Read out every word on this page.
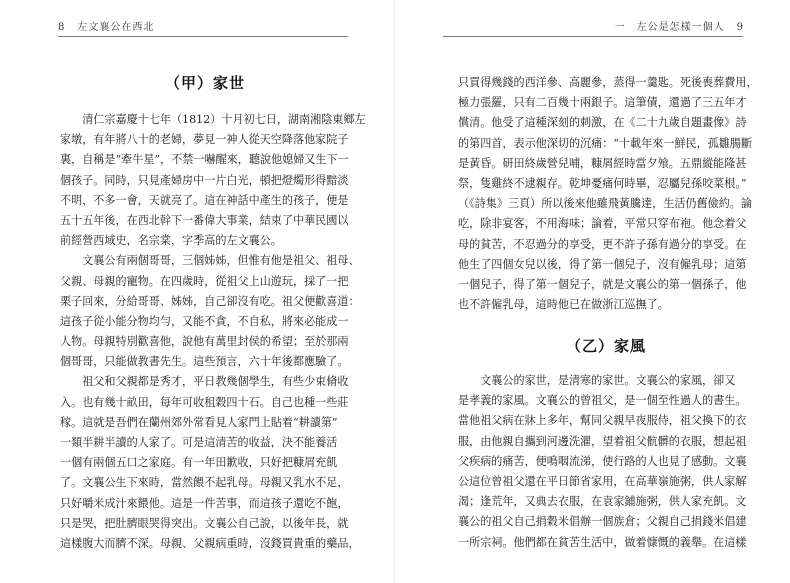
8 左文襄公在西北
（甲）家世
　　清仁宗嘉慶十七年（1812）十月初七日，湖南湘陰東鄉左
家墩，有年將八十的老婦，夢見一神人從天空降落他家院子
裏，自稱是“牽牛星”，不禁一嚇醒來，聽說他媳婦又生下一
個孩子。同時，只見產婦房中一片白光，頓把燈燭形得黯淡
不明，不多一會，天就亮了。這在神話中產生的孩子，便是
五十五年後，在西北幹下一番偉大事業，結束了中華民國以
前經營西域史，名宗棠，字季高的左文襄公。
　　文襄公有兩個哥哥，三個姊姊，但惟有他是祖父、祖母、
父親、母親的寵物。在四歲時，從祖父上山遊玩，採了一把
栗子回來，分給哥哥、姊姊，自己卻沒有吃。祖父便歡喜道：
這孩子從小能分物均勻，又能不貪，不自私，將來必能成一
人物。母親特別歡喜他，說他有萬里封侯的希望；至於那兩
個哥哥，只能做教書先生。這些預言，六十年後都應驗了。
　　祖父和父親都是秀才，平日教幾個學生，有些少束脩收
入。也有幾十畝田，每年可收租穀四十石。自己也種一些莊
稼。這就是吾們在蘭州郊外常看見人家門上貼着“耕讀第”
一類半耕半讀的人家了。可是這清苦的收益，決不能養活
一個有兩個五口之家庭。有一年田歉收，只好把糠屑充飢
了。文襄公生下來時，當然餵不起乳母。母親又乳水不足，
只好嚼米成汁來餵他。這是一件苦事，而這孩子還吃不飽，
只是哭，把肚臍眼哭得突出。文襄公自己說，以後年長，就
這樣腹大而臍不深。母親、父親病重時，沒錢買貴重的藥品，
一　左公是怎樣一個人 9
只買得幾錢的西洋參、高麗參，蒸得一羹匙。死後喪葬費用，
極力張羅，只有二百幾十兩銀子。這筆債，還過了三五年才
償清。他受了這種深刻的刺激，在《二十九歲自題畫像》詩
的第四首，表示他深切的沉痛：“十載年來一鮮民，孤雛腸斷
是黃昏。研田終歲營兒哺，糠屑經時當夕飧。五鼎縱能隆甚
祭，隻雞終不逮親存。乾坤憂痛何時畢，忍屬兒孫咬菜根。”
（《詩集》三頁）所以後來他雖飛黃騰達，生活仍舊儉約。論
吃，除非宴客，不用海味；論着，平常只穿布袍。他念着父
母的貧苦，不忍過分的享受，更不許子孫有過分的享受。在
他生了四個女兒以後，得了第一個兒子，沒有僱乳母；這第
一個兒子，得了第一個兒子，就是文襄公的第一個孫子，他
也不許僱乳母，這時他已在做浙江巡撫了。
（乙）家風
　　文襄公的家世，是清寒的家世。文襄公的家風，卻又
是孝義的家風。文襄公的曾祖父，是一個至性過人的書生。
當他祖父病在牀上多年，幫同父親早夜服侍，祖父換下的衣
服，由他親自攜到河邊洗濯，望着祖父骯髒的衣服，想起祖
父疾病的痛苦，便鳴咽流涕，使行路的人也見了感動。文襄
公這位曾祖父還在平日節省家用，在高華嶺施粥，供人家解
渴；逢荒年，又典去衣服，在袁家鋪施粥，供人家充飢。文
襄公的祖父自己捐穀米倡辦一個族倉；父親自己捐錢米倡建
一所宗祠。他們都在貧苦生活中，做着慷慨的義舉。在這樣
